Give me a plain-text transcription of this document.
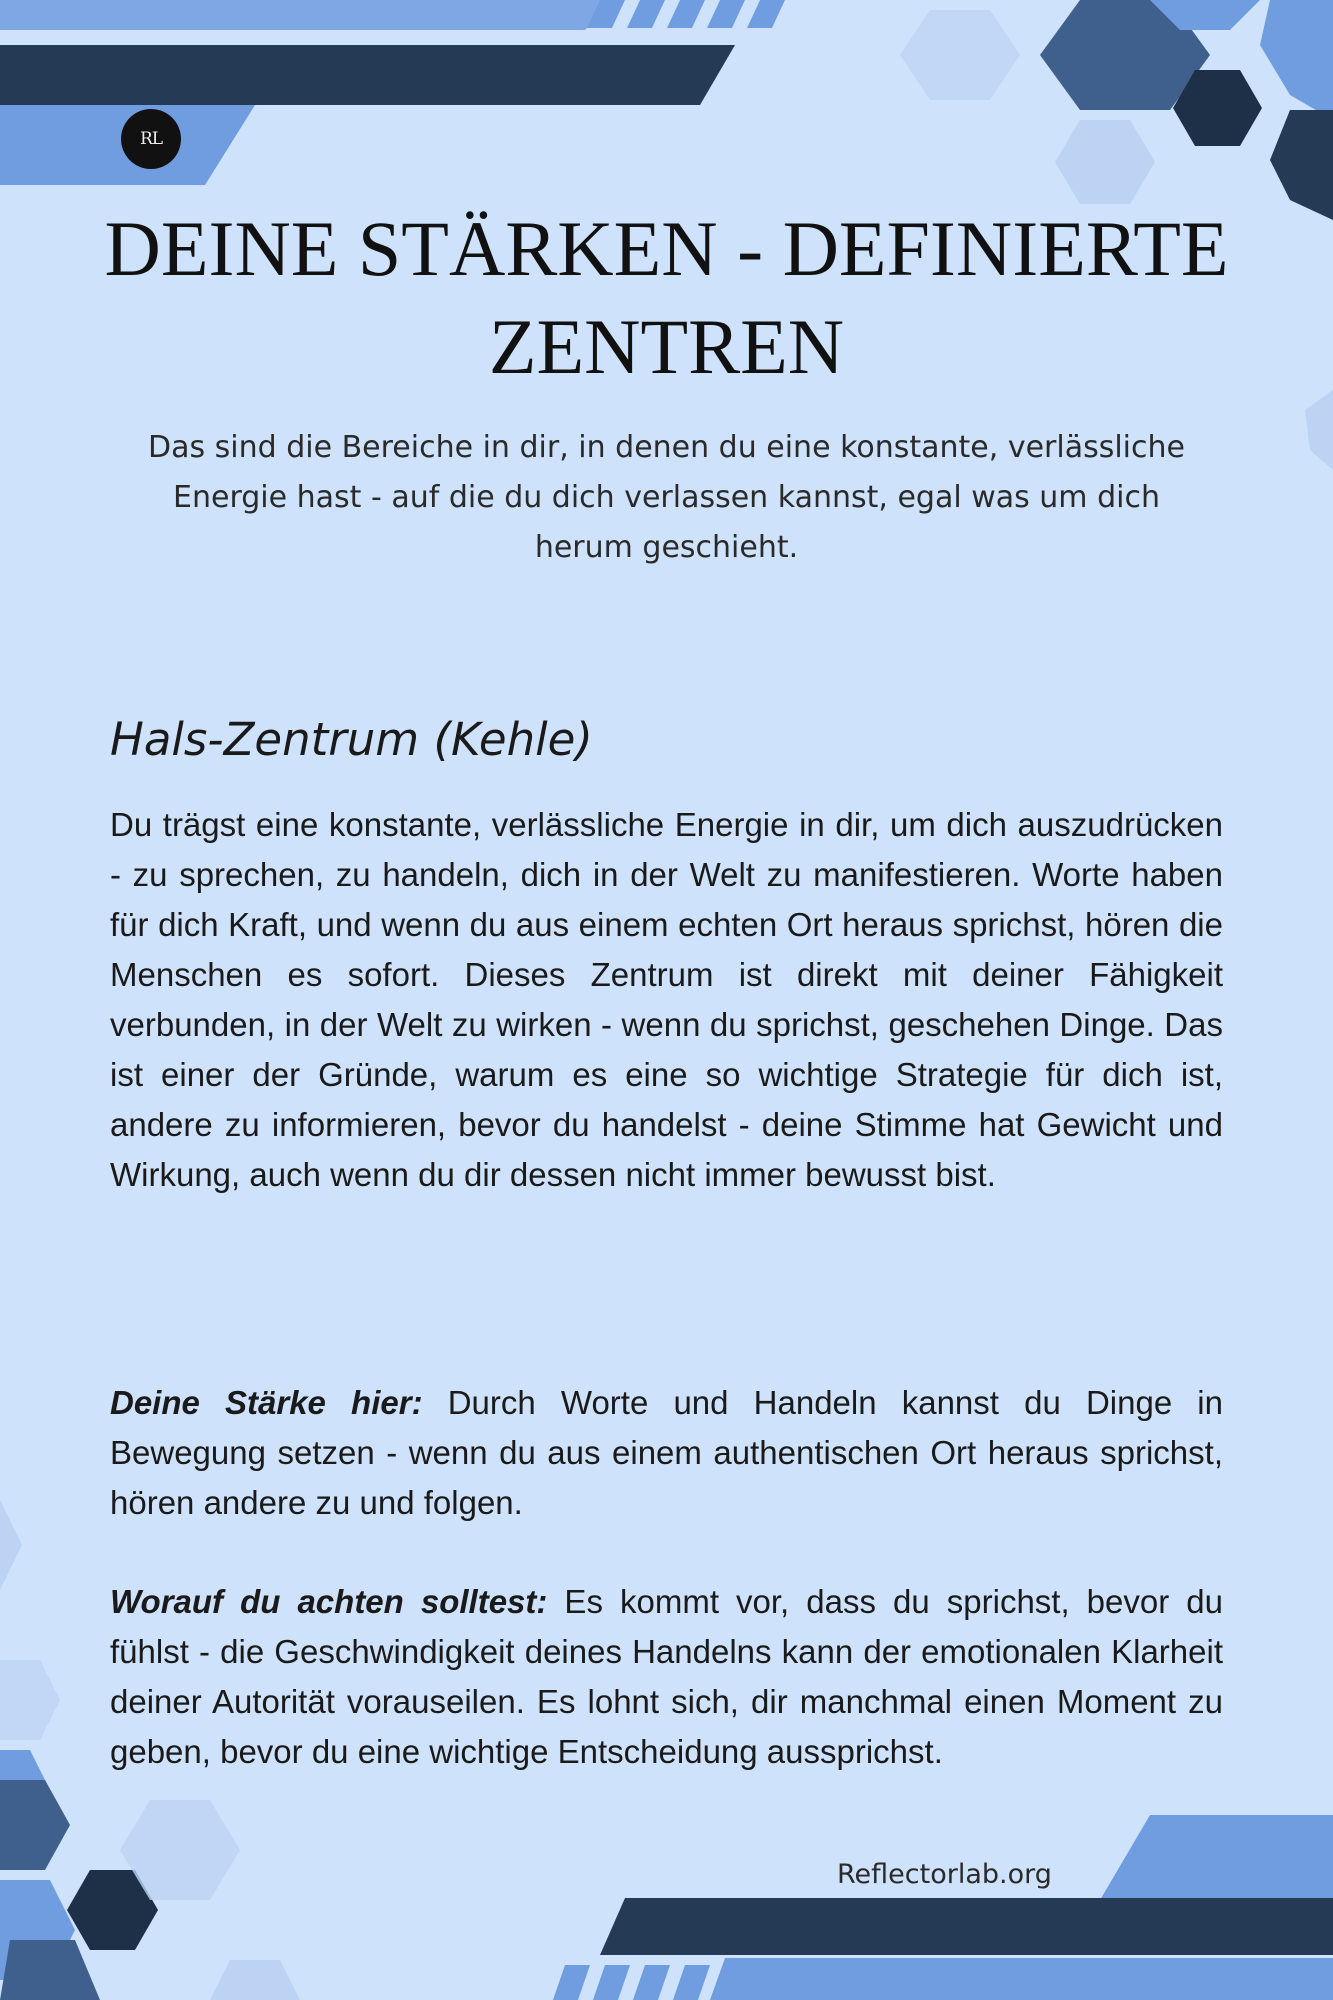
RL
DEINE STÄRKEN - DEFINIERTE
ZENTREN

Das sind die Bereiche in dir, in denen du eine konstante, verlässliche Energie hast - auf die du dich verlassen kannst, egal was um dich herum geschieht.

Hals-Zentrum (Kehle)

Du trägst eine konstante, verlässliche Energie in dir, um dich auszudrücken - zu sprechen, zu handeln, dich in der Welt zu manifestieren. Worte haben für dich Kraft, und wenn du aus einem echten Ort heraus sprichst, hören die Menschen es sofort. Dieses Zentrum ist direkt mit deiner Fähigkeit verbunden, in der Welt zu wirken - wenn du sprichst, geschehen Dinge. Das ist einer der Gründe, warum es eine so wichtige Strategie für dich ist, andere zu informieren, bevor du handelst - deine Stimme hat Gewicht und Wirkung, auch wenn du dir dessen nicht immer bewusst bist.

Deine Stärke hier: Durch Worte und Handeln kannst du Dinge in Bewegung setzen - wenn du aus einem authentischen Ort heraus sprichst, hören andere zu und folgen.

Worauf du achten solltest: Es kommt vor, dass du sprichst, bevor du fühlst - die Geschwindigkeit deines Handelns kann der emotionalen Klarheit deiner Autorität vorauseilen. Es lohnt sich, dir manchmal einen Moment zu geben, bevor du eine wichtige Entscheidung aussprichst.

Reflectorlab.org
